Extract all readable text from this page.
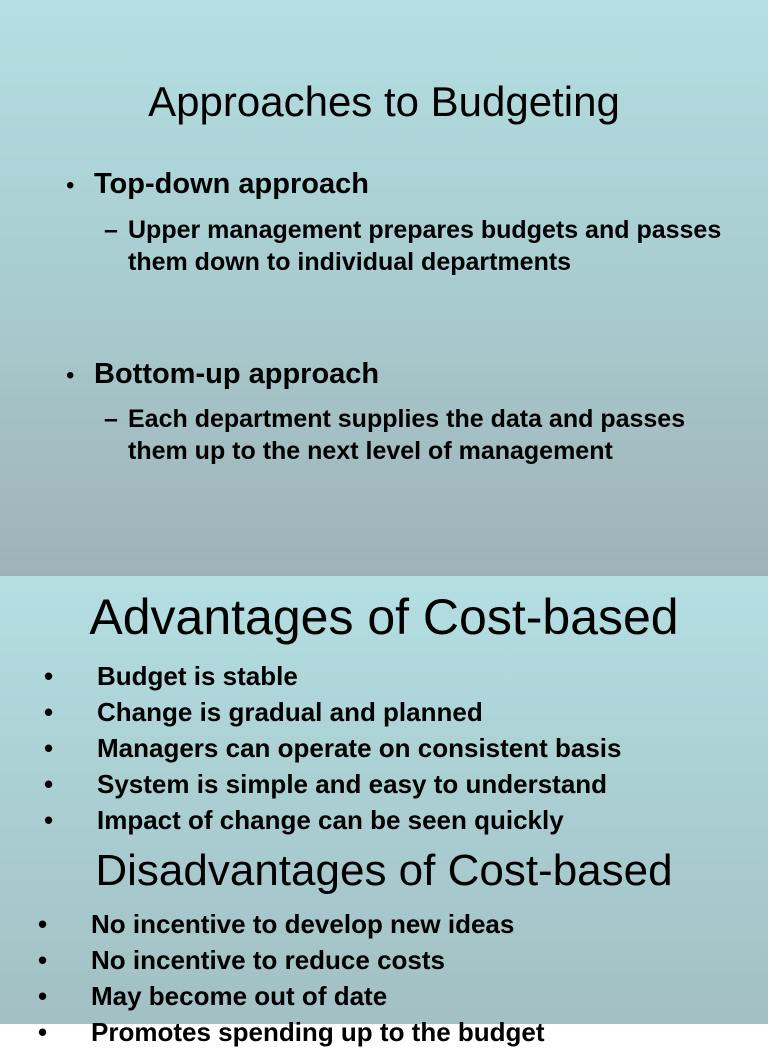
Approaches to Budgeting
• Top-down approach
– Upper management prepares budgets and passes them down to individual departments
• Bottom-up approach
– Each department supplies the data and passes them up to the next level of management
Advantages of Cost-based
• Budget is stable
• Change is gradual and planned
• Managers can operate on consistent basis
• System is simple and easy to understand
• Impact of change can be seen quickly
Disadvantages of Cost-based
• No incentive to develop new ideas
• No incentive to reduce costs
• May become out of date
• Promotes spending up to the budget
